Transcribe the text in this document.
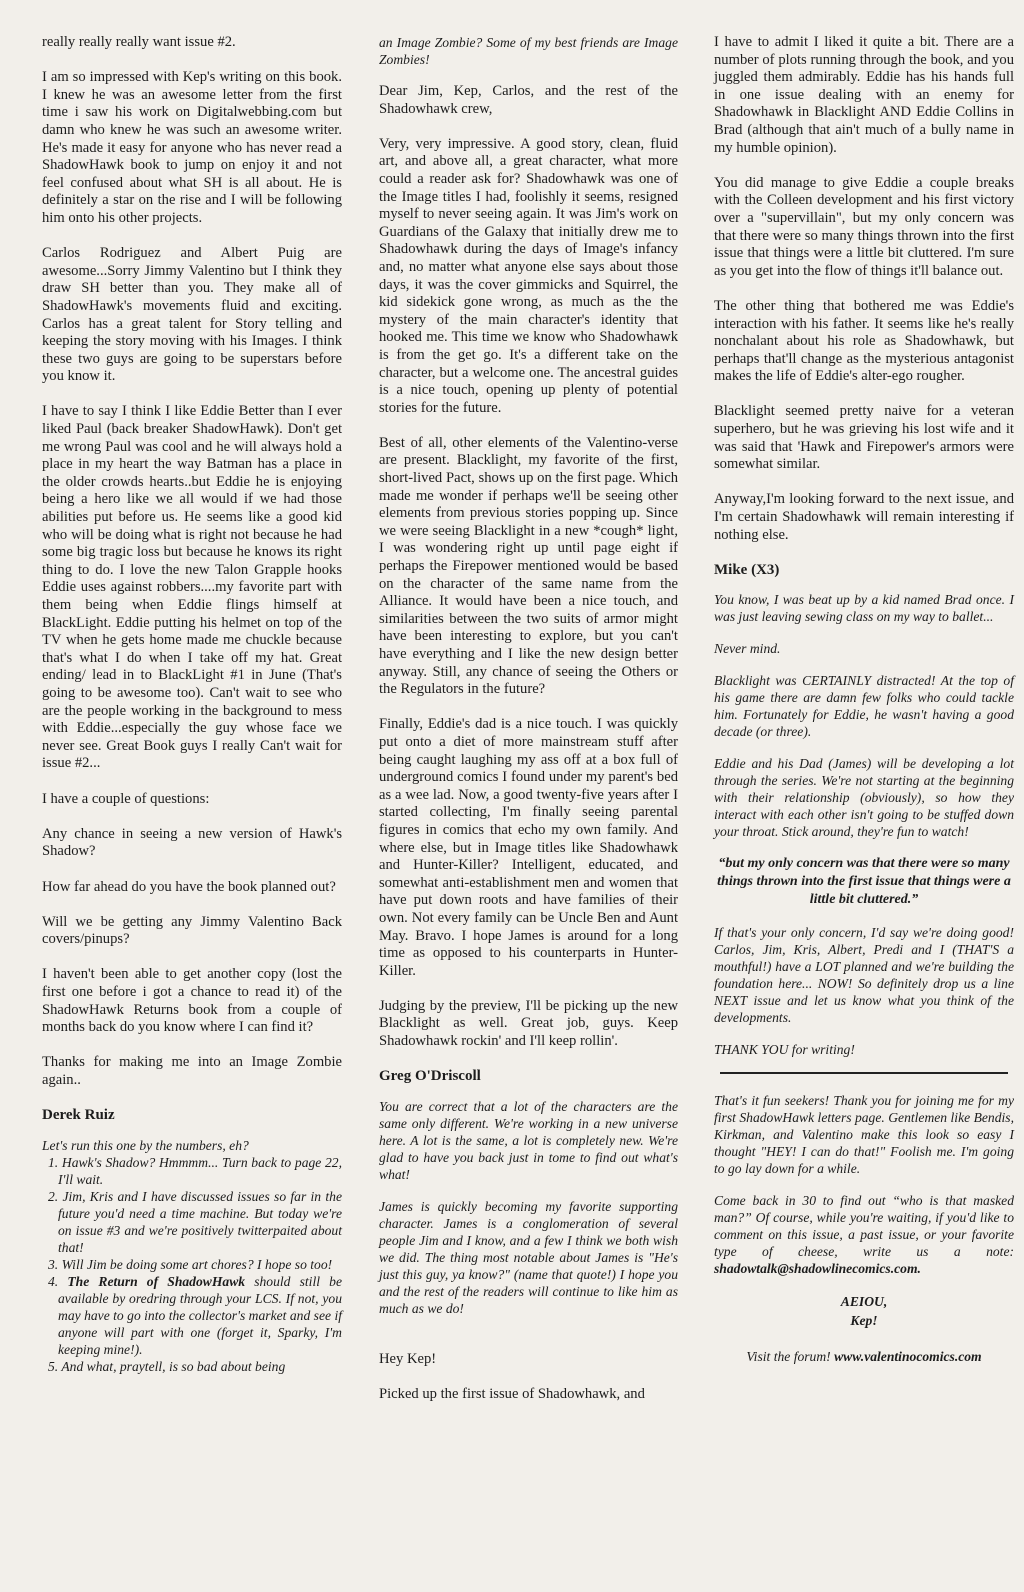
really really really want issue #2.

I am so impressed with Kep's writing on this book. I knew he was an awesome letter from the first time i saw his work on Digitalwebbing.com but damn who knew he was such an awesome writer. He's made it easy for anyone who has never read a ShadowHawk book to jump on enjoy it and not feel confused about what SH is all about. He is definitely a star on the rise and I will be following him onto his other projects.

Carlos Rodriguez and Albert Puig are awesome...Sorry Jimmy Valentino but I think they draw SH better than you. They make all of ShadowHawk's movements fluid and exciting. Carlos has a great talent for Story telling and keeping the story moving with his Images. I think these two guys are going to be superstars before you know it.

I have to say I think I like Eddie Better than I ever liked Paul (back breaker ShadowHawk). Don't get me wrong Paul was cool and he will always hold a place in my heart the way Batman has a place in the older crowds hearts..but Eddie he is enjoying being a hero like we all would if we had those abilities put before us. He seems like a good kid who will be doing what is right not because he had some big tragic loss but because he knows its right thing to do. I love the new Talon Grapple hooks Eddie uses against robbers....my favorite part with them being when Eddie flings himself at BlackLight. Eddie putting his helmet on top of the TV when he gets home made me chuckle because that's what I do when I take off my hat. Great ending/ lead in to BlackLight #1 in June (That's going to be awesome too). Can't wait to see who are the people working in the background to mess with Eddie...especially the guy whose face we never see. Great Book guys I really Can't wait for issue #2...

I have a couple of questions:

Any chance in seeing a new version of Hawk's Shadow?

How far ahead do you have the book planned out?

Will we be getting any Jimmy Valentino Back covers/pinups?

I haven't been able to get another copy (lost the first one before i got a chance to read it) of the ShadowHawk Returns book from a couple of months back do you know where I can find it?

Thanks for making me into an Image Zombie again..

Derek Ruiz

Let's run this one by the numbers, eh?

1. Hawk's Shadow? Hmmmm... Turn back to page 22, I'll wait.

2. Jim, Kris and I have discussed issues so far in the future you'd need a time machine. But today we're on issue #3 and we're positively twitterpaited about that!

3. Will Jim be doing some art chores? I hope so too!

4. The Return of ShadowHawk should still be available by oredring through your LCS. If not, you may have to go into the collector's market and see if anyone will part with one (forget it, Sparky, I'm keeping mine!).

5. And what, praytell, is so bad about being

an Image Zombie? Some of my best friends are Image Zombies!

Dear Jim, Kep, Carlos, and the rest of the Shadowhawk crew,

Very, very impressive. A good story, clean, fluid art, and above all, a great character, what more could a reader ask for? Shadowhawk was one of the Image titles I had, foolishly it seems, resigned myself to never seeing again. It was Jim's work on Guardians of the Galaxy that initially drew me to Shadowhawk during the days of Image's infancy and, no matter what anyone else says about those days, it was the cover gimmicks and Squirrel, the kid sidekick gone wrong, as much as the the mystery of the main character's identity that hooked me. This time we know who Shadowhawk is from the get go. It's a different take on the character, but a welcome one. The ancestral guides is a nice touch, opening up plenty of potential stories for the future.

Best of all, other elements of the Valentino-verse are present. Blacklight, my favorite of the first, short-lived Pact, shows up on the first page. Which made me wonder if perhaps we'll be seeing other elements from previous stories popping up. Since we were seeing Blacklight in a new *cough* light, I was wondering right up until page eight if perhaps the Firepower mentioned would be based on the character of the same name from the Alliance. It would have been a nice touch, and similarities between the two suits of armor might have been interesting to explore, but you can't have everything and I like the new design better anyway. Still, any chance of seeing the Others or the Regulators in the future?

Finally, Eddie's dad is a nice touch. I was quickly put onto a diet of more mainstream stuff after being caught laughing my ass off at a box full of underground comics I found under my parent's bed as a wee lad. Now, a good twenty-five years after I started collecting, I'm finally seeing parental figures in comics that echo my own family. And where else, but in Image titles like Shadowhawk and Hunter-Killer? Intelligent, educated, and somewhat anti-establishment men and women that have put down roots and have families of their own. Not every family can be Uncle Ben and Aunt May. Bravo. I hope James is around for a long time as opposed to his counterparts in Hunter-Killer.

Judging by the preview, I'll be picking up the new Blacklight as well. Great job, guys. Keep Shadowhawk rockin' and I'll keep rollin'.

Greg O'Driscoll

You are correct that a lot of the characters are the same only different. We're working in a new universe here. A lot is the same, a lot is completely new. We're glad to have you back just in tome to find out what's what!

James is quickly becoming my favorite supporting character. James is a conglomeration of several people Jim and I know, and a few I think we both wish we did. The thing most notable about James is "He's just this guy, ya know?" (name that quote!) I hope you and the rest of the readers will continue to like him as much as we do!

Hey Kep!

Picked up the first issue of Shadowhawk, and

I have to admit I liked it quite a bit. There are a number of plots running through the book, and you juggled them admirably. Eddie has his hands full in one issue dealing with an enemy for Shadowhawk in Blacklight AND Eddie Collins in Brad (although that ain't much of a bully name in my humble opinion).

You did manage to give Eddie a couple breaks with the Colleen development and his first victory over a "supervillain", but my only concern was that there were so many things thrown into the first issue that things were a little bit cluttered. I'm sure as you get into the flow of things it'll balance out.

The other thing that bothered me was Eddie's interaction with his father. It seems like he's really nonchalant about his role as Shadowhawk, but perhaps that'll change as the mysterious antagonist makes the life of Eddie's alter-ego rougher.

Blacklight seemed pretty naive for a veteran superhero, but he was grieving his lost wife and it was said that 'Hawk and Firepower's armors were somewhat similar.

Anyway,I'm looking forward to the next issue, and I'm certain Shadowhawk will remain interesting if nothing else.

Mike (X3)

You know, I was beat up by a kid named Brad once. I was just leaving sewing class on my way to ballet...

Never mind.

Blacklight was CERTAINLY distracted! At the top of his game there are damn few folks who could tackle him. Fortunately for Eddie, he wasn't having a good decade (or three).

Eddie and his Dad (James) will be developing a lot through the series. We're not starting at the beginning with their relationship (obviously), so how they interact with each other isn't going to be stuffed down your throat. Stick around, they're fun to watch!

“but my only concern was that there were so many things thrown into the first issue that things were a little bit cluttered.”

If that's your only concern, I'd say we're doing good! Carlos, Jim, Kris, Albert, Predi and I (THAT'S a mouthful!) have a LOT planned and we're building the foundation here... NOW! So definitely drop us a line NEXT issue and let us know what you think of the developments.

THANK YOU for writing!

That's it fun seekers! Thank you for joining me for my first ShadowHawk letters page. Gentlemen like Bendis, Kirkman, and Valentino make this look so easy I thought "HEY! I can do that!" Foolish me. I'm going to go lay down for a while.

Come back in 30 to find out “who is that masked man?” Of course, while you're waiting, if you'd like to comment on this issue, a past issue, or your favorite type of cheese, write us a note: shadowtalk@shadowlinecomics.com.

AEIOU,
Kep!

Visit the forum! www.valentinocomics.com
